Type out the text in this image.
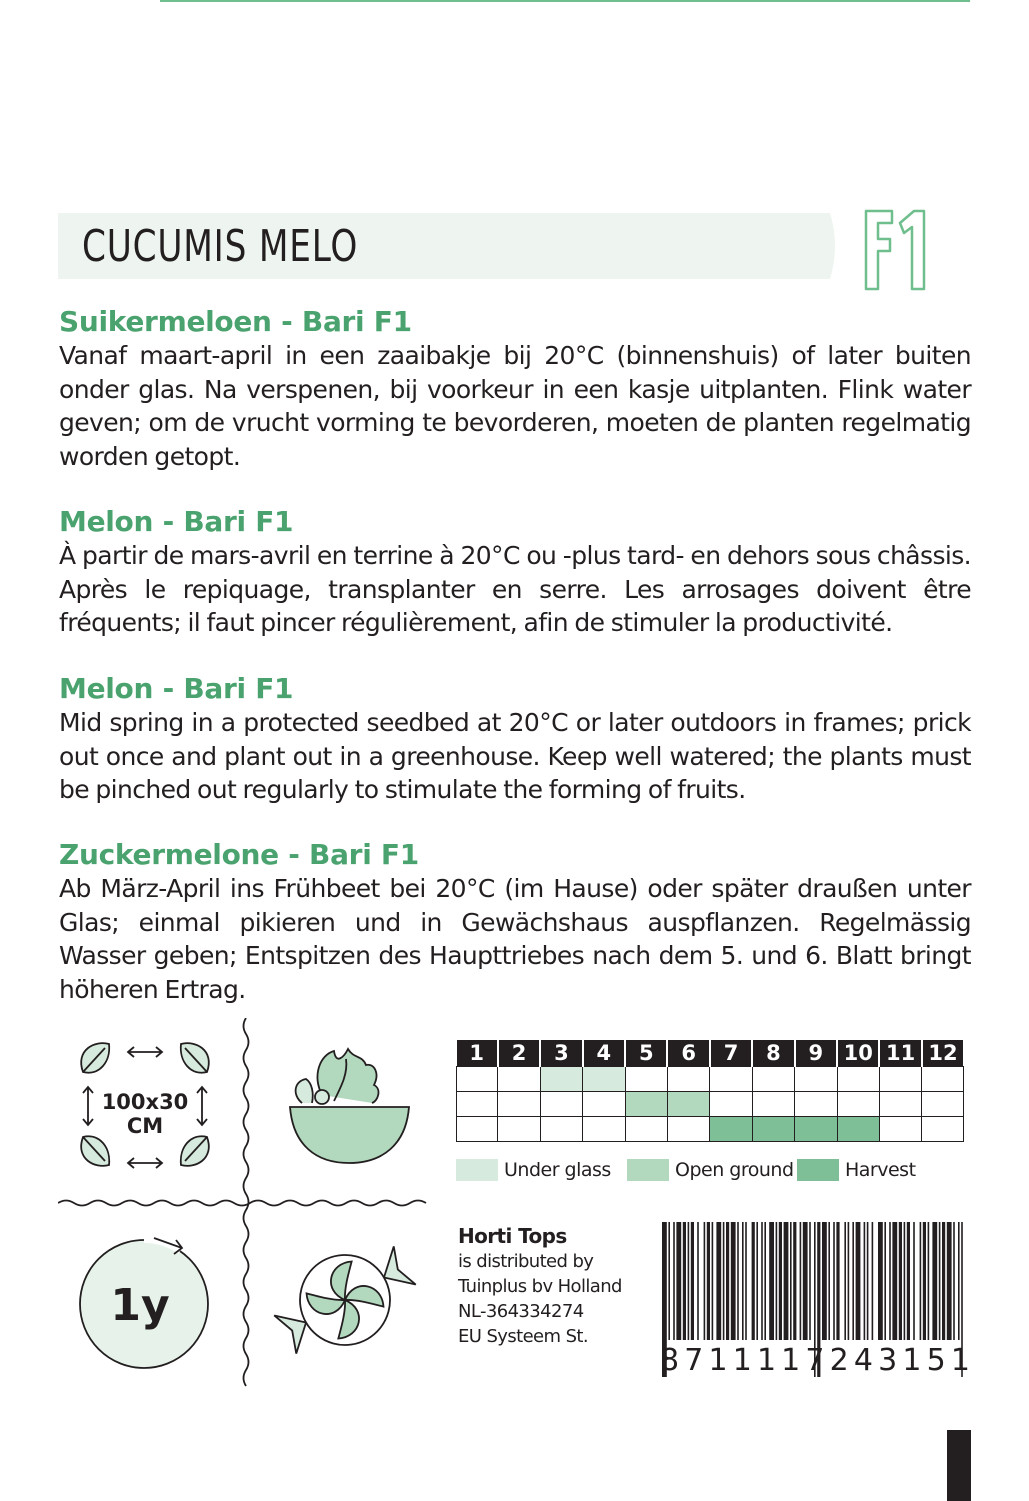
CUCUMIS MELO
Suikermeloen - Bari F1

Vanaf maart-april in een zaaibakje bij 20°C (binnenshuis) of later buiten onder glas. Na verspenen, bij voorkeur in een kasje uitplanten. Flink water geven; om de vrucht vorming te bevorderen, moeten de planten regelmatig worden getopt.

Melon - Bari F1

À partir de mars-avril en terrine à 20°C ou -plus tard- en dehors sous châssis. Après le repiquage, transplanter en serre. Les arrosages doivent être fréquents; il faut pincer régulièrement, afin de stimuler la productivité.

Melon - Bari F1

Mid spring in a protected seedbed at 20°C or later outdoors in frames; prick out once and plant out in a greenhouse. Keep well watered; the plants must be pinched out regularly to stimulate the forming of fruits.

Zuckermelone - Bari F1

Ab März-April ins Frühbeet bei 20°C (im Hause) oder später draußen unter Glas; einmal pikieren und in Gewächshaus auspflanzen. Regelmässig Wasser geben; Entspitzen des Haupttriebes nach dem 5. und 6. Blatt bringt höheren Ertrag.

100x30
CM
1y
1	2	3	4	5	6	7	8	9	10	11	12

Under glass	Open ground	Harvest
Horti Tops
is distributed by
Tuinplus bv Holland
NL-364334274
EU Systeem St.
8 7 1 1 1 1 7 2 4 3 1 5 1
